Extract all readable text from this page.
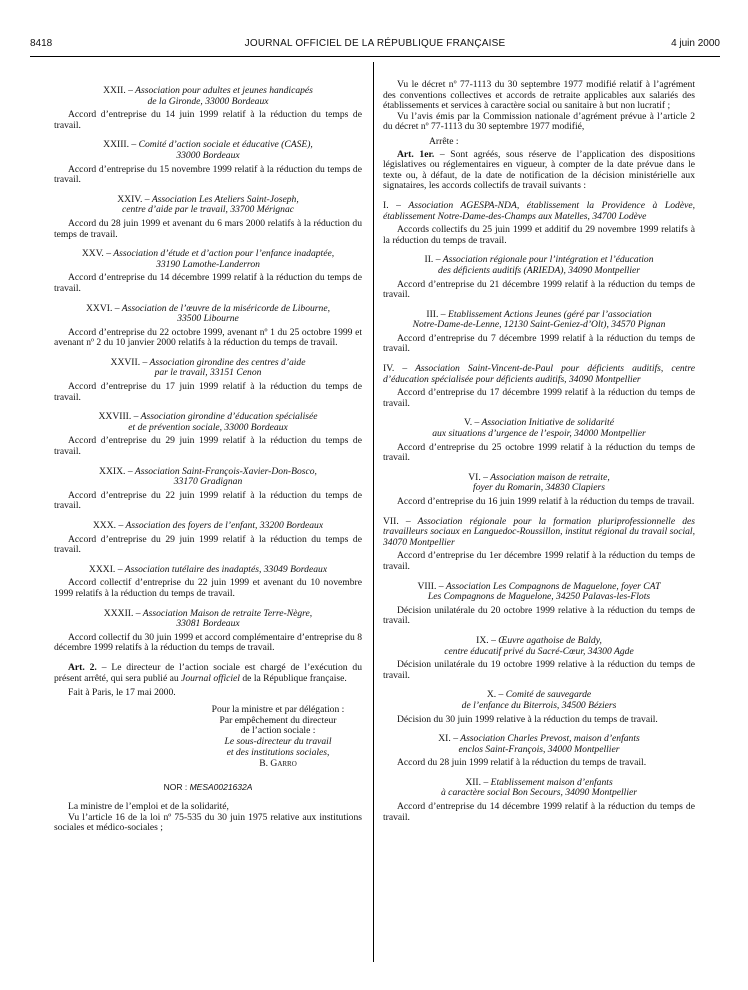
8418	JOURNAL OFFICIEL DE LA RÉPUBLIQUE FRANÇAISE	4 juin 2000
XXII. – Association pour adultes et jeunes handicapés
de la Gironde, 33000 Bordeaux
Accord d’entreprise du 14 juin 1999 relatif à la réduction du temps de travail.
XXIII. – Comité d’action sociale et éducative (CASE),
33000 Bordeaux
Accord d’entreprise du 15 novembre 1999 relatif à la réduction du temps de travail.
XXIV. – Association Les Ateliers Saint-Joseph,
centre d’aide par le travail, 33700 Mérignac
Accord du 28 juin 1999 et avenant du 6 mars 2000 relatifs à la réduction du temps de travail.
XXV. – Association d’étude et d’action pour l’enfance inadaptée,
33190 Lamothe-Landerron
Accord d’entreprise du 14 décembre 1999 relatif à la réduction du temps de travail.
XXVI. – Association de l’œuvre de la miséricorde de Libourne,
33500 Libourne
Accord d’entreprise du 22 octobre 1999, avenant nº 1 du 25 octobre 1999 et avenant nº 2 du 10 janvier 2000 relatifs à la réduction du temps de travail.
XXVII. – Association girondine des centres d’aide
par le travail, 33151 Cenon
Accord d’entreprise du 17 juin 1999 relatif à la réduction du temps de travail.
XXVIII. – Association girondine d’éducation spécialisée
et de prévention sociale, 33000 Bordeaux
Accord d’entreprise du 29 juin 1999 relatif à la réduction du temps de travail.
XXIX. – Association Saint-François-Xavier-Don-Bosco,
33170 Gradignan
Accord d’entreprise du 22 juin 1999 relatif à la réduction du temps de travail.
XXX. – Association des foyers de l’enfant, 33200 Bordeaux
Accord d’entreprise du 29 juin 1999 relatif à la réduction du temps de travail.
XXXI. – Association tutélaire des inadaptés, 33049 Bordeaux
Accord collectif d’entreprise du 22 juin 1999 et avenant du 10 novembre 1999 relatifs à la réduction du temps de travail.
XXXII. – Association Maison de retraite Terre-Nègre,
33081 Bordeaux
Accord collectif du 30 juin 1999 et accord complémentaire d’entreprise du 8 décembre 1999 relatifs à la réduction du temps de travail.

Art. 2. – Le directeur de l’action sociale est chargé de l’exécution du présent arrêté, qui sera publié au Journal officiel de la République française.

Fait à Paris, le 17 mai 2000.

Pour la ministre et par délégation :
Par empêchement du directeur
de l’action sociale :
Le sous-directeur du travail
et des institutions sociales,
B. Garro
NOR : MESA0021632A

La ministre de l’emploi et de la solidarité,

Vu l’article 16 de la loi nº 75-535 du 30 juin 1975 relative aux institutions sociales et médico-sociales ;

Vu le décret nº 77-1113 du 30 septembre 1977 modifié relatif à l’agrément des conventions collectives et accords de retraite applicables aux salariés des établissements et services à caractère social ou sanitaire à but non lucratif ;

Vu l’avis émis par la Commission nationale d’agrément prévue à l’article 2 du décret nº 77-1113 du 30 septembre 1977 modifié,

Arrête :

Art. 1er. – Sont agréés, sous réserve de l’application des dispositions législatives ou réglementaires en vigueur, à compter de la date prévue dans le texte ou, à défaut, de la date de notification de la décision ministérielle aux signataires, les accords collectifs de travail suivants :

I. – Association AGESPA-NDA, établissement la Providence à Lodève, établissement Notre-Dame-des-Champs aux Matelles, 34700 Lodève
Accords collectifs du 25 juin 1999 et additif du 29 novembre 1999 relatifs à la réduction du temps de travail.
II. – Association régionale pour l’intégration et l’éducation
des déficients auditifs (ARIEDA), 34090 Montpellier
Accord d’entreprise du 21 décembre 1999 relatif à la réduction du temps de travail.
III. – Etablissement Actions Jeunes (géré par l’association
Notre-Dame-de-Lenne, 12130 Saint-Geniez-d’Olt), 34570 Pignan
Accord d’entreprise du 7 décembre 1999 relatif à la réduction du temps de travail.
IV. – Association Saint-Vincent-de-Paul pour déficients auditifs, centre d’éducation spécialisée pour déficients auditifs, 34090 Montpellier
Accord d’entreprise du 17 décembre 1999 relatif à la réduction du temps de travail.
V. – Association Initiative de solidarité
aux situations d’urgence de l’espoir, 34000 Montpellier
Accord d’entreprise du 25 octobre 1999 relatif à la réduction du temps de travail.
VI. – Association maison de retraite,
foyer du Romarin, 34830 Clapiers
Accord d’entreprise du 16 juin 1999 relatif à la réduction du temps de travail.
VII. – Association régionale pour la formation pluriprofessionnelle des travailleurs sociaux en Languedoc-Roussillon, institut régional du travail social, 34070 Montpellier
Accord d’entreprise du 1er décembre 1999 relatif à la réduction du temps de travail.
VIII. – Association Les Compagnons de Maguelone, foyer CAT
Les Compagnons de Maguelone, 34250 Palavas-les-Flots
Décision unilatérale du 20 octobre 1999 relative à la réduction du temps de travail.
IX. – Œuvre agathoise de Baldy,
centre éducatif privé du Sacré-Cœur, 34300 Agde
Décision unilatérale du 19 octobre 1999 relative à la réduction du temps de travail.
X. – Comité de sauvegarde
de l’enfance du Biterrois, 34500 Béziers
Décision du 30 juin 1999 relative à la réduction du temps de travail.
XI. – Association Charles Prevost, maison d’enfants
enclos Saint-François, 34000 Montpellier
Accord du 28 juin 1999 relatif à la réduction du temps de travail.
XII. – Etablissement maison d’enfants
à caractère social Bon Secours, 34090 Montpellier
Accord d’entreprise du 14 décembre 1999 relatif à la réduction du temps de travail.
